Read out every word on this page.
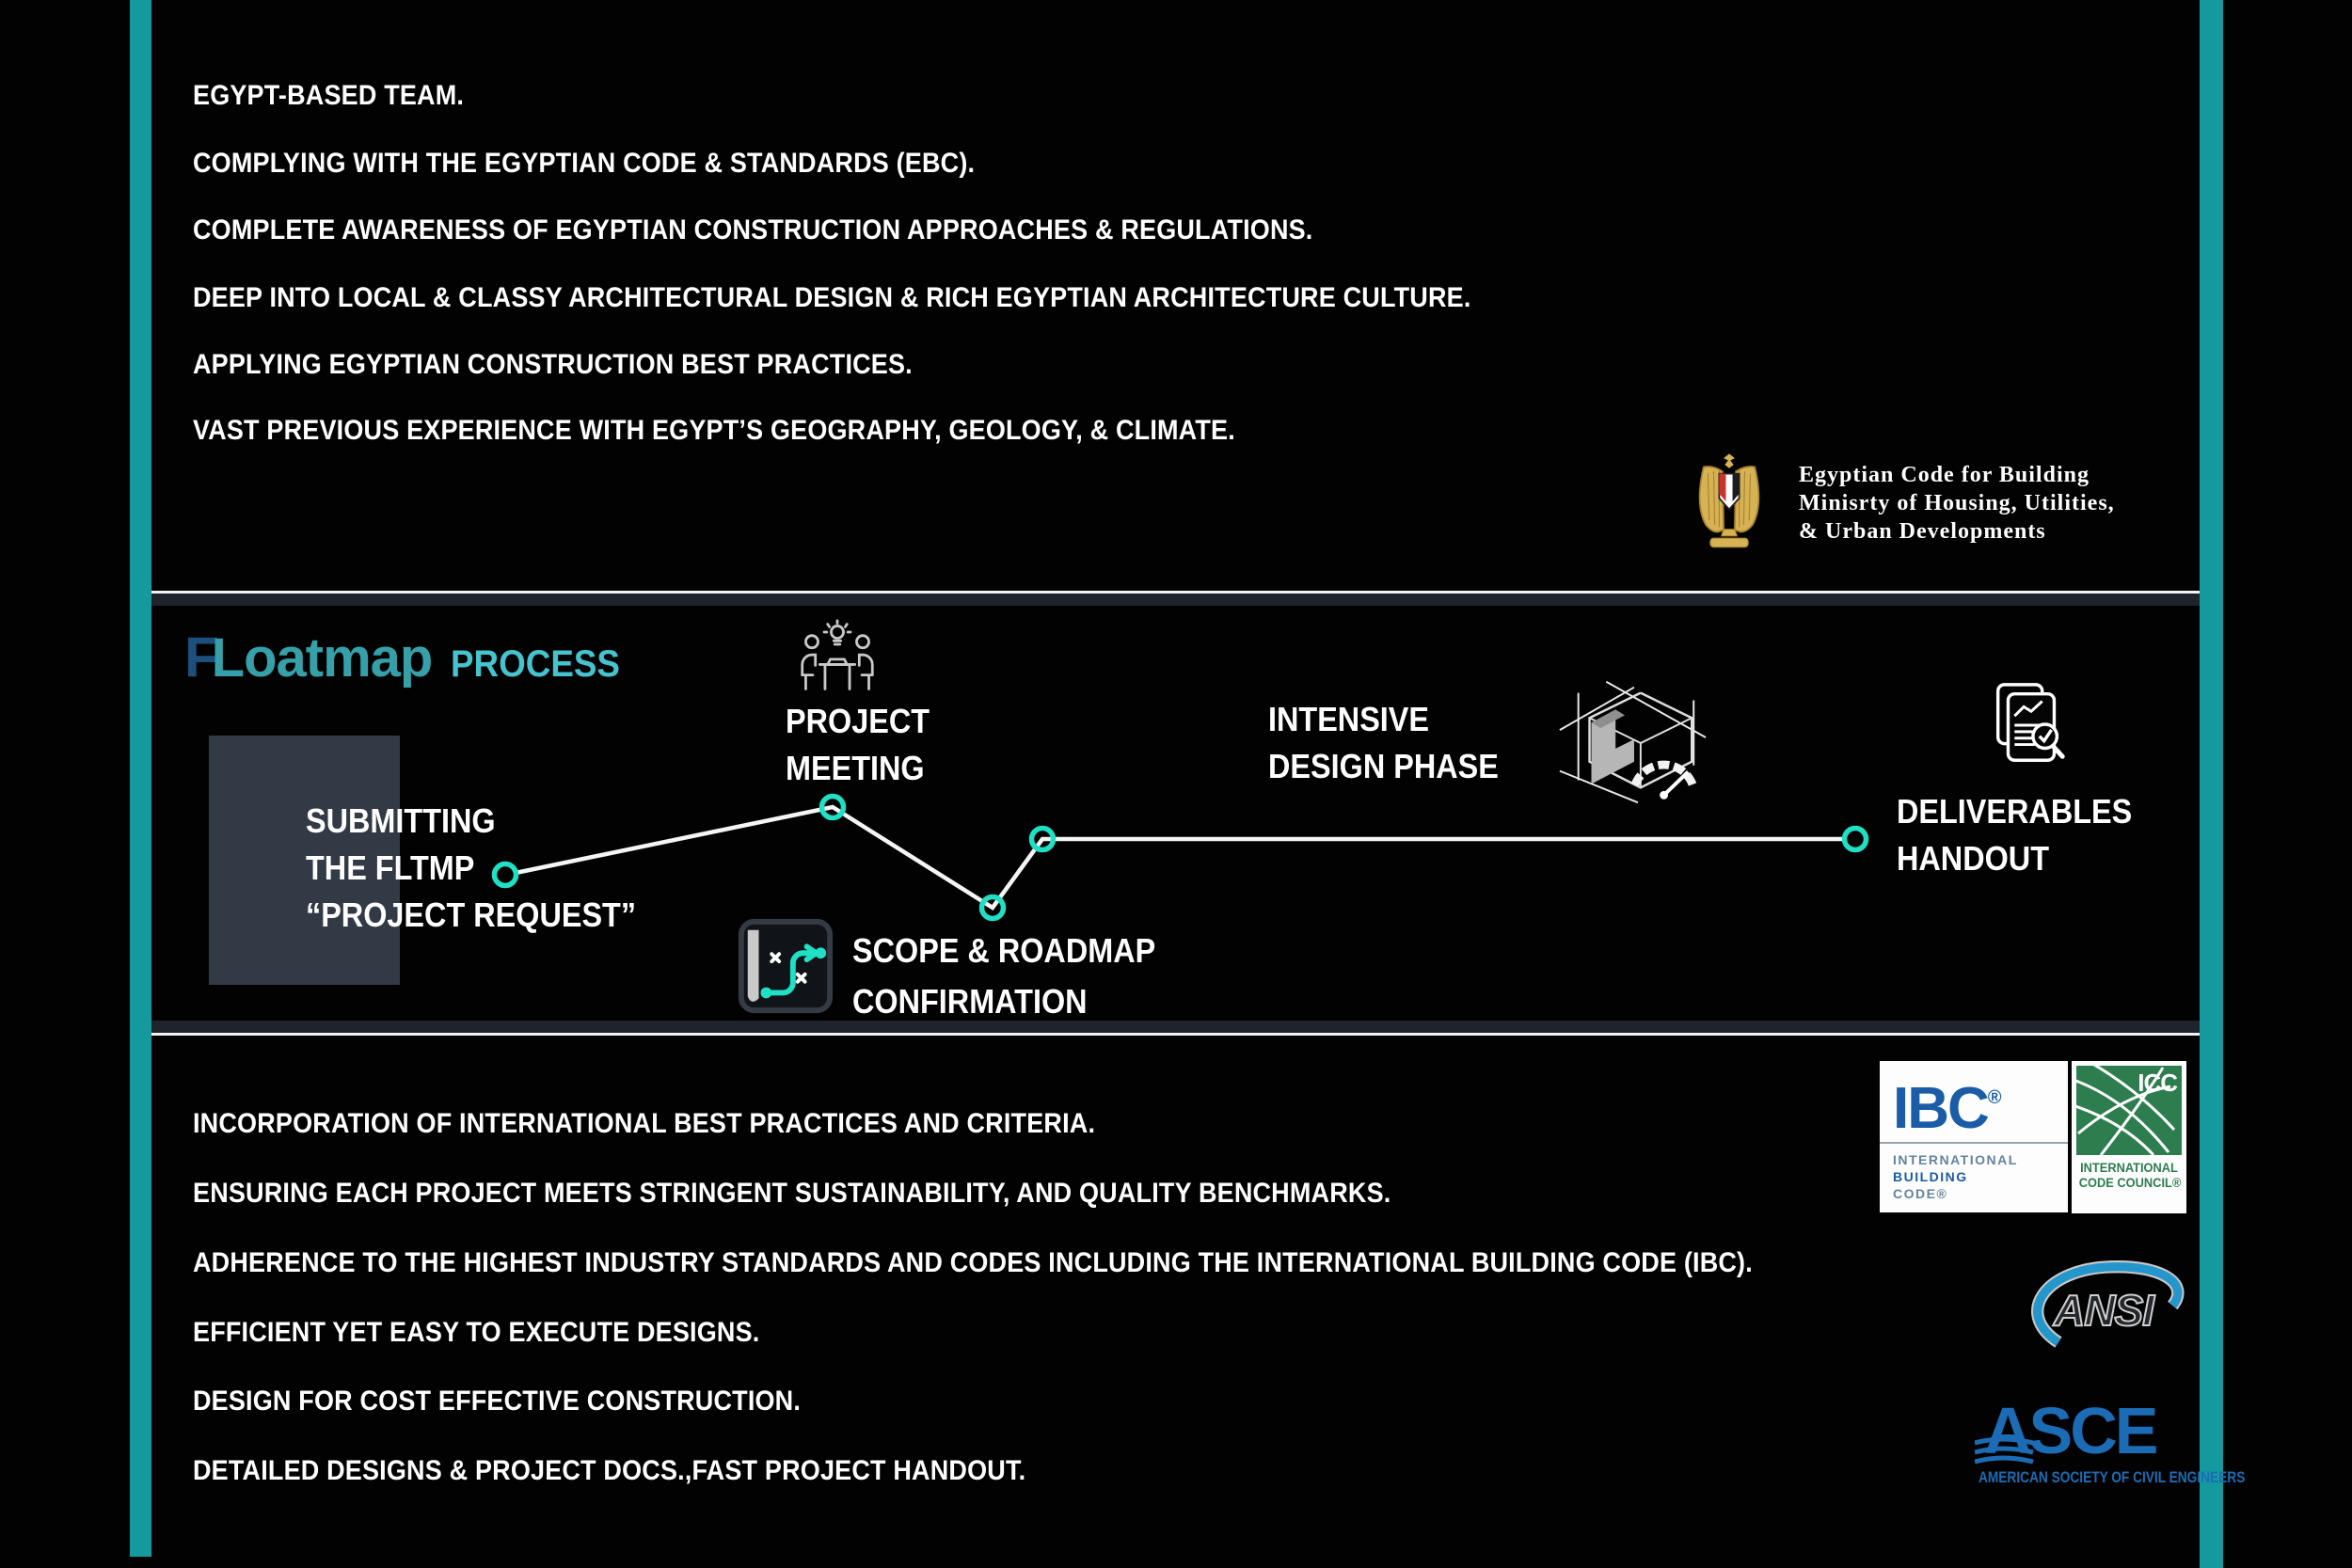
EGYPT-BASED TEAM.
COMPLYING WITH THE EGYPTIAN CODE & STANDARDS (EBC).
COMPLETE AWARENESS OF EGYPTIAN CONSTRUCTION APPROACHES & REGULATIONS.
DEEP INTO LOCAL & CLASSY ARCHITECTURAL DESIGN & RICH EGYPTIAN ARCHITECTURE CULTURE.
APPLYING EGYPTIAN CONSTRUCTION BEST PRACTICES.
VAST PREVIOUS EXPERIENCE WITH EGYPT’S GEOGRAPHY, GEOLOGY, & CLIMATE.
Egyptian Code for Building
Minisrty of Housing, Utilities,
& Urban Developments
F
Loatmap PROCESS
SUBMITTING
THE FLTMP
“PROJECT REQUEST”
PROJECT
MEETING
SCOPE & ROADMAP
CONFIRMATION
INTENSIVE
DESIGN PHASE
DELIVERABLES
HANDOUT
INCORPORATION OF INTERNATIONAL BEST PRACTICES AND CRITERIA.
ENSURING EACH PROJECT MEETS STRINGENT SUSTAINABILITY, AND QUALITY BENCHMARKS.
ADHERENCE TO THE HIGHEST INDUSTRY STANDARDS AND CODES INCLUDING THE INTERNATIONAL BUILDING CODE (IBC).
EFFICIENT YET EASY TO EXECUTE DESIGNS.
DESIGN FOR COST EFFECTIVE CONSTRUCTION.
DETAILED DESIGNS & PROJECT DOCS.,FAST PROJECT HANDOUT.
IBC®
INTERNATIONAL
BUILDING
CODE®
ICC
INTERNATIONAL
CODE COUNCIL®
ANSI
ASCE
AMERICAN SOCIETY OF CIVIL ENGINEERS
